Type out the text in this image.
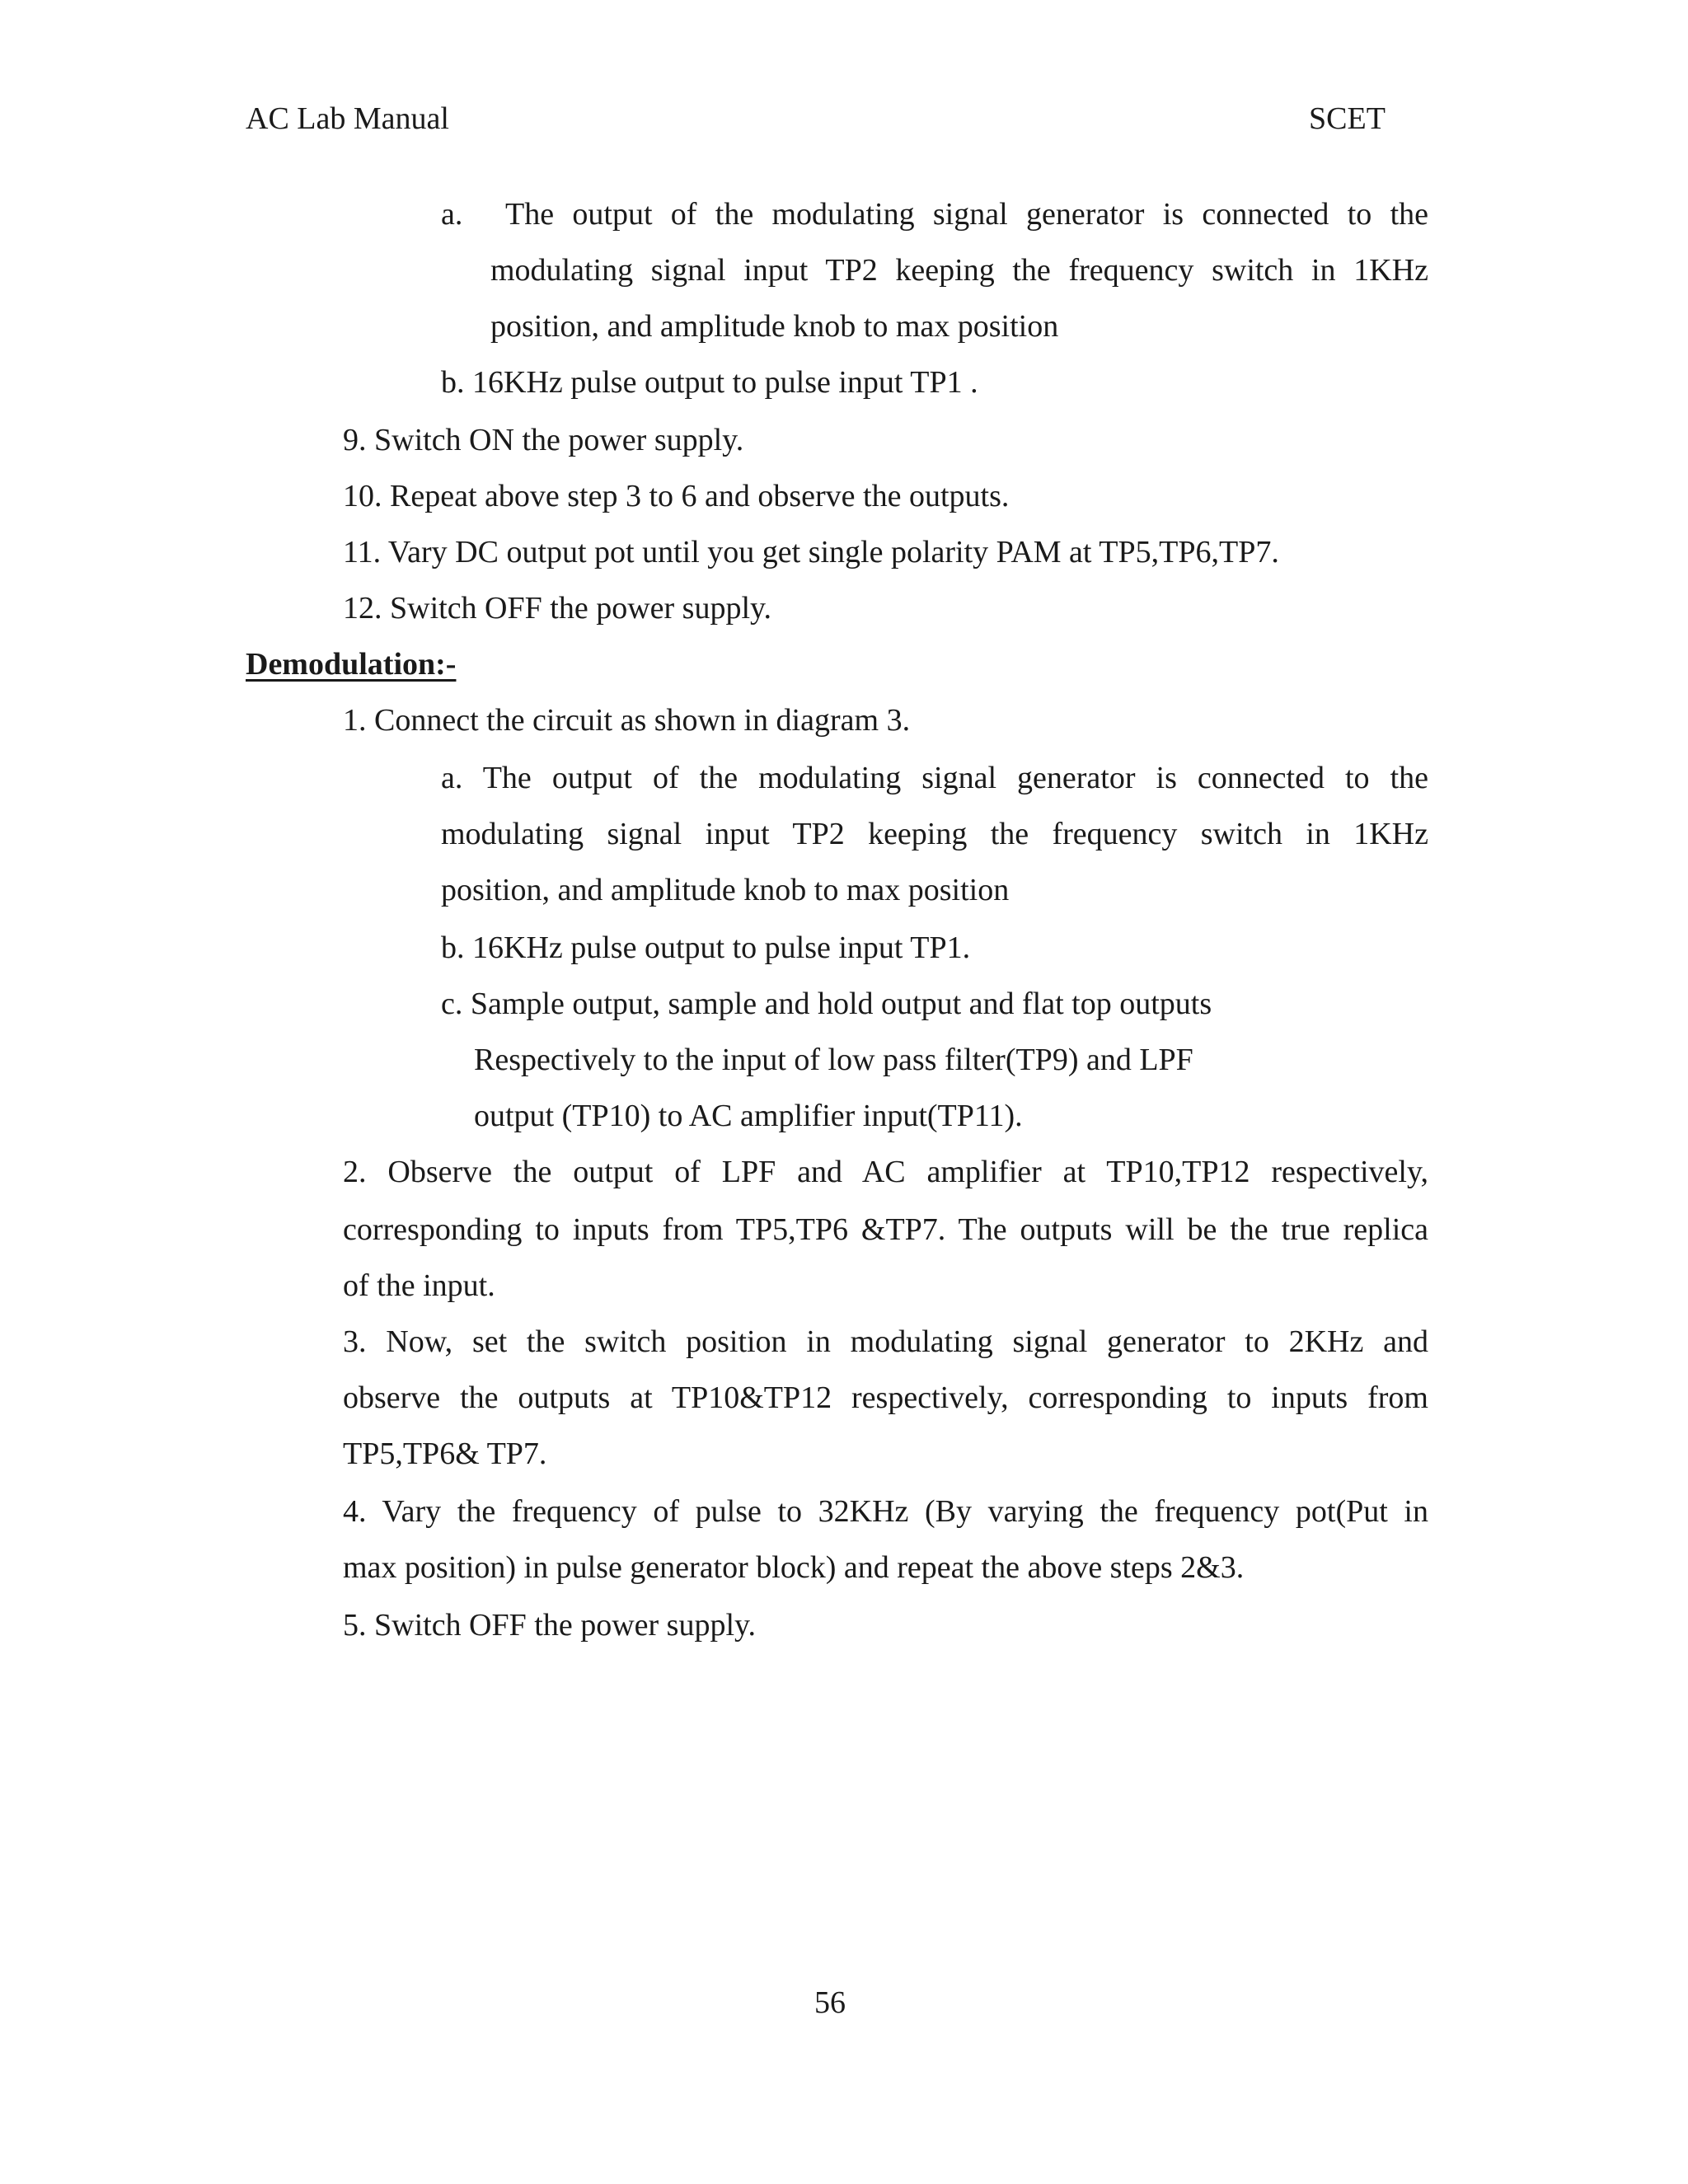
AC Lab Manual	SCET
a. The output of the modulating signal generator is connected to the
modulating signal input TP2 keeping the frequency switch in 1KHz
position, and amplitude knob to max position
b. 16KHz pulse output to pulse input TP1 .
9. Switch ON the power supply.
10. Repeat above step 3 to 6 and observe the outputs.
11. Vary DC output pot until you get single polarity PAM at TP5,TP6,TP7.
12. Switch OFF the power supply.
Demodulation:-
1. Connect the circuit as shown in diagram 3.
a. The output of the modulating signal generator is connected to the
modulating signal input TP2 keeping the frequency switch in 1KHz
position, and amplitude knob to max position
b. 16KHz pulse output to pulse input TP1.
c. Sample output, sample and hold output and flat top outputs
Respectively to the input of low pass filter(TP9) and LPF
output (TP10) to AC amplifier input(TP11).
2. Observe the output of LPF and AC amplifier at TP10,TP12 respectively,
corresponding to inputs from TP5,TP6 &TP7. The outputs will be the true replica
of the input.
3. Now, set the switch position in modulating signal generator to 2KHz and
observe the outputs at TP10&TP12 respectively, corresponding to inputs from
TP5,TP6& TP7.
4. Vary the frequency of pulse to 32KHz (By varying the frequency pot(Put in
max position) in pulse generator block) and repeat the above steps 2&3.
5. Switch OFF the power supply.
56
